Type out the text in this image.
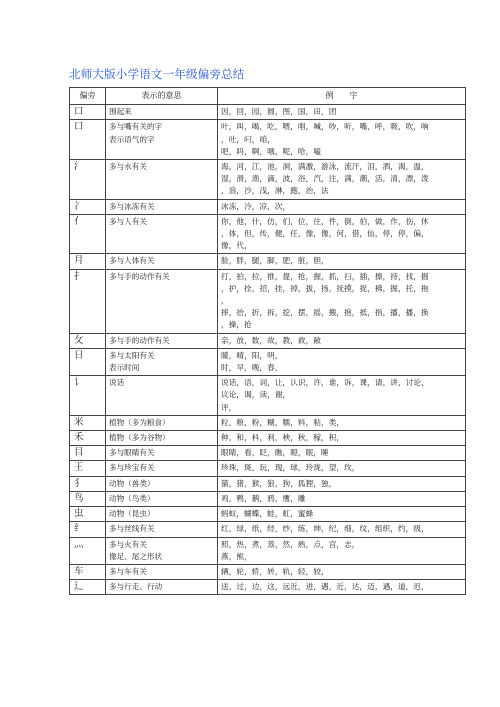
北师大版小学语文一年级偏旁总结
偏旁	表示的意思	例　　字
口	围起来	因，回，园，圆，图，国，田，团

口	多与嘴有关的字
表示语气的字	叶，叫，喝，吃，喂，唱，喊，吵，听，嘴，呼，吸，吹，响
，吐，叼，咱，
吧，吗，啊，哦，呢，哈，嗑

氵	多与水有关	海，河，江，池，洞，满激，游泳，流汗，泪，洒，渴，温，
湿，滑，渔，滴，波，浴，汽，注，满，潮，活，清，漂，泼
，浪，沙，浅，淋，跑，治，法

冫	多与冰冻有关	冰冻，冷，凉，次，

亻	多与人有关	你，他，什，仿，们，位，住，件，倒，伯，做，作，伤，休
，体，但，传，健，任，像，像，何，借，仙，停，停，偏，
像，代，

月	多与人体有关	脸，胖，腿，脚，肥，脏，胆，

扌	多与手的动作有关	打，拍，拉，推，提，抢，握，抓，扫，插，擦，持，找，掘
，护，拴，招，挂，掉，拔，扬，抚摸，捉，拂，掘，托，拖
，
摔，抬，折，拆，挖，摆，摇，搬，抱，抵，指，播，播，换
，操，抢

攵	多与手的动作有关	亲，放，数，故，教，救，敞

日	多与太阳有关
表示时间	暖，晴，阳，明，
时，早，晚，春，

讠	说话	说话，语，词，让，认识，许，谁，诉，课，请，讲，讨论，
议论，谒，读，谢，
评，

米	植物（多为粮食）	粒，粮，粉，糊，糯，料，粘，类，

禾	植物（多为谷物）	种，和，科，利，秧，秋，稼，积，

目	多与眼睛有关	眼睛，看，眨，瞧，瞪，眠，睡

王	多与珍宝有关	珍珠，斑，玩，现，球，玲珑，望，玫，

犭	动物（兽类）	猫，猪，猴，狼，狗，狐狸，独，

鸟	动物（鸟类）	鸡，鸭，鹅，鸦，鹰，雕

虫	动物（昆虫）	蚂蚁，蝴蝶，蛙，虹，蜜蜂

纟	多与丝线有关	红，绿，纸，经，纱，练，绅，纪，细，纹，组织，约，级，

灬	多与火有关
像足、尾之形状	照，热，煮，蒸，然，熟，点，宫，志，
燕，熊，

车	多与车有关	辆，轮，轿，转，轨，轻，较，

辶	多与行走、行动	送，过，边，这，远近，进，遇，近，达，迈，遇，道，迟，
